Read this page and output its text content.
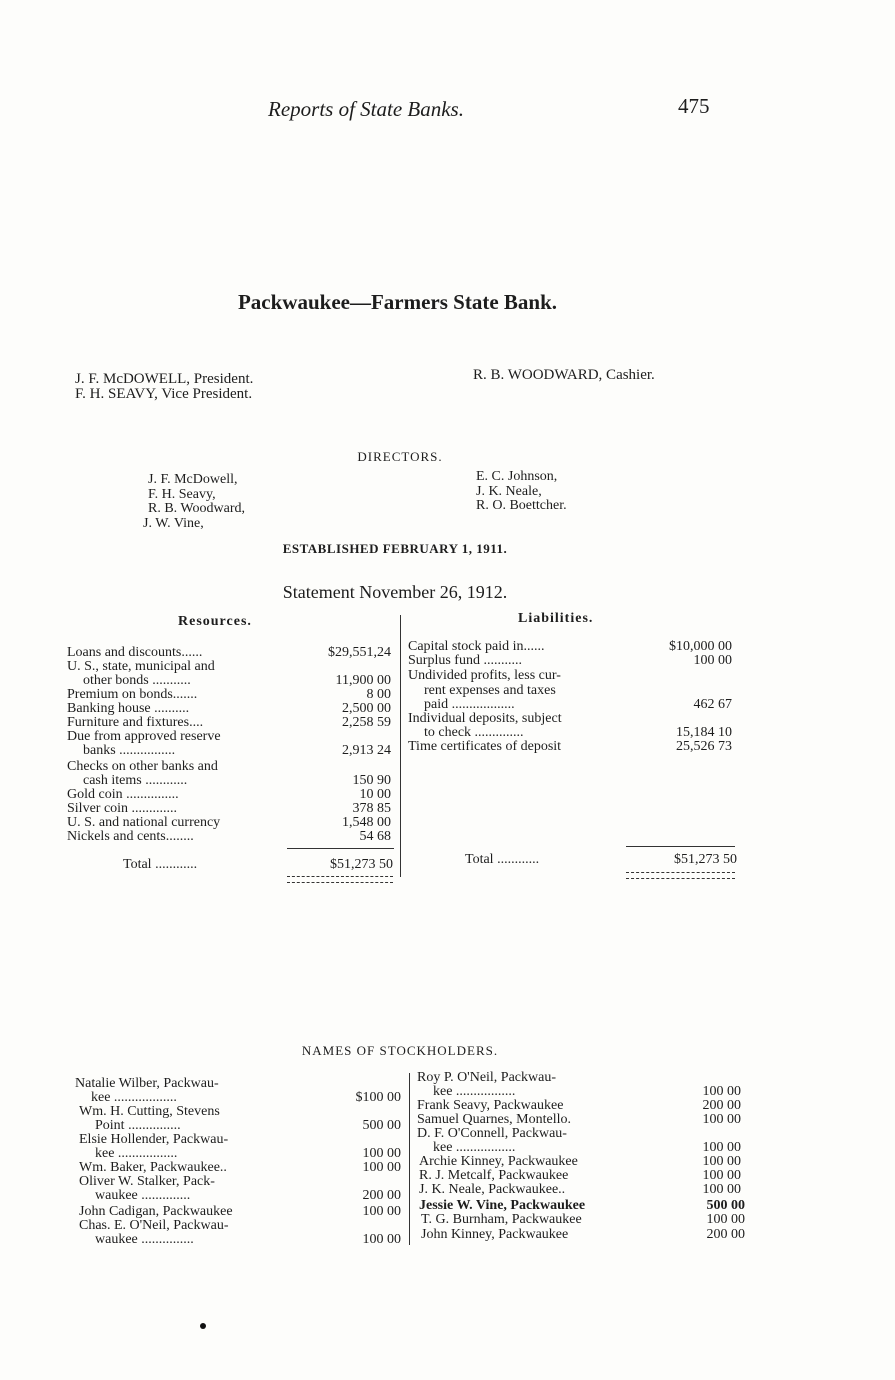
Reports of State Banks.	475
Packwaukee—Farmers State Bank.
J. F. McDOWELL, President.
F. H. SEAVY, Vice President.
R. B. WOODWARD, Cashier.
DIRECTORS.
J. F. McDowell,
F. H. Seavy,
R. B. Woodward,
J. W. Vine,
E. C. Johnson,
J. K. Neale,
R. O. Boettcher.
ESTABLISHED FEBRUARY 1, 1911.
Statement November 26, 1912.
Resources.	Liabilities.
Loans and discounts......	$29,551,24
U. S., state, municipal and
other bonds ...........	11,900 00
Premium on bonds.......	8 00
Banking house ..........	2,500 00
Furniture and fixtures....	2,258 59
Due from approved reserve
banks ................	2,913 24
Checks on other banks and
cash items ............	150 90
Gold coin ...............	10 00
Silver coin .............	378 85
U. S. and national currency	1,548 00
Nickels and cents........	54 68
Total ............	$51,273 50
Capital stock paid in......	$10,000 00
Surplus fund ...........	100 00
Undivided profits, less cur-
rent expenses and taxes
paid ..................	462 67
Individual deposits, subject
to check ..............	15,184 10
Time certificates of deposit	25,526 73
Total ............	$51,273 50
NAMES OF STOCKHOLDERS.
Natalie Wilber, Packwau-
kee ..................	$100 00
Wm. H. Cutting, Stevens
Point ...............	500 00
Elsie Hollender, Packwau-
kee .................	100 00
Wm. Baker, Packwaukee..	100 00
Oliver W. Stalker, Pack-
waukee ..............	200 00
John Cadigan, Packwaukee	100 00
Chas. E. O'Neil, Packwau-
waukee ...............	100 00
Roy P. O'Neil, Packwau-
kee .................	100 00
Frank Seavy, Packwaukee	200 00
Samuel Quarnes, Montello.	100 00
D. F. O'Connell, Packwau-
kee .................	100 00
Archie Kinney, Packwaukee	100 00
R. J. Metcalf, Packwaukee	100 00
J. K. Neale, Packwaukee..	100 00
Jessie W. Vine, Packwaukee	500 00
T. G. Burnham, Packwaukee	100 00
John Kinney, Packwaukee	200 00
